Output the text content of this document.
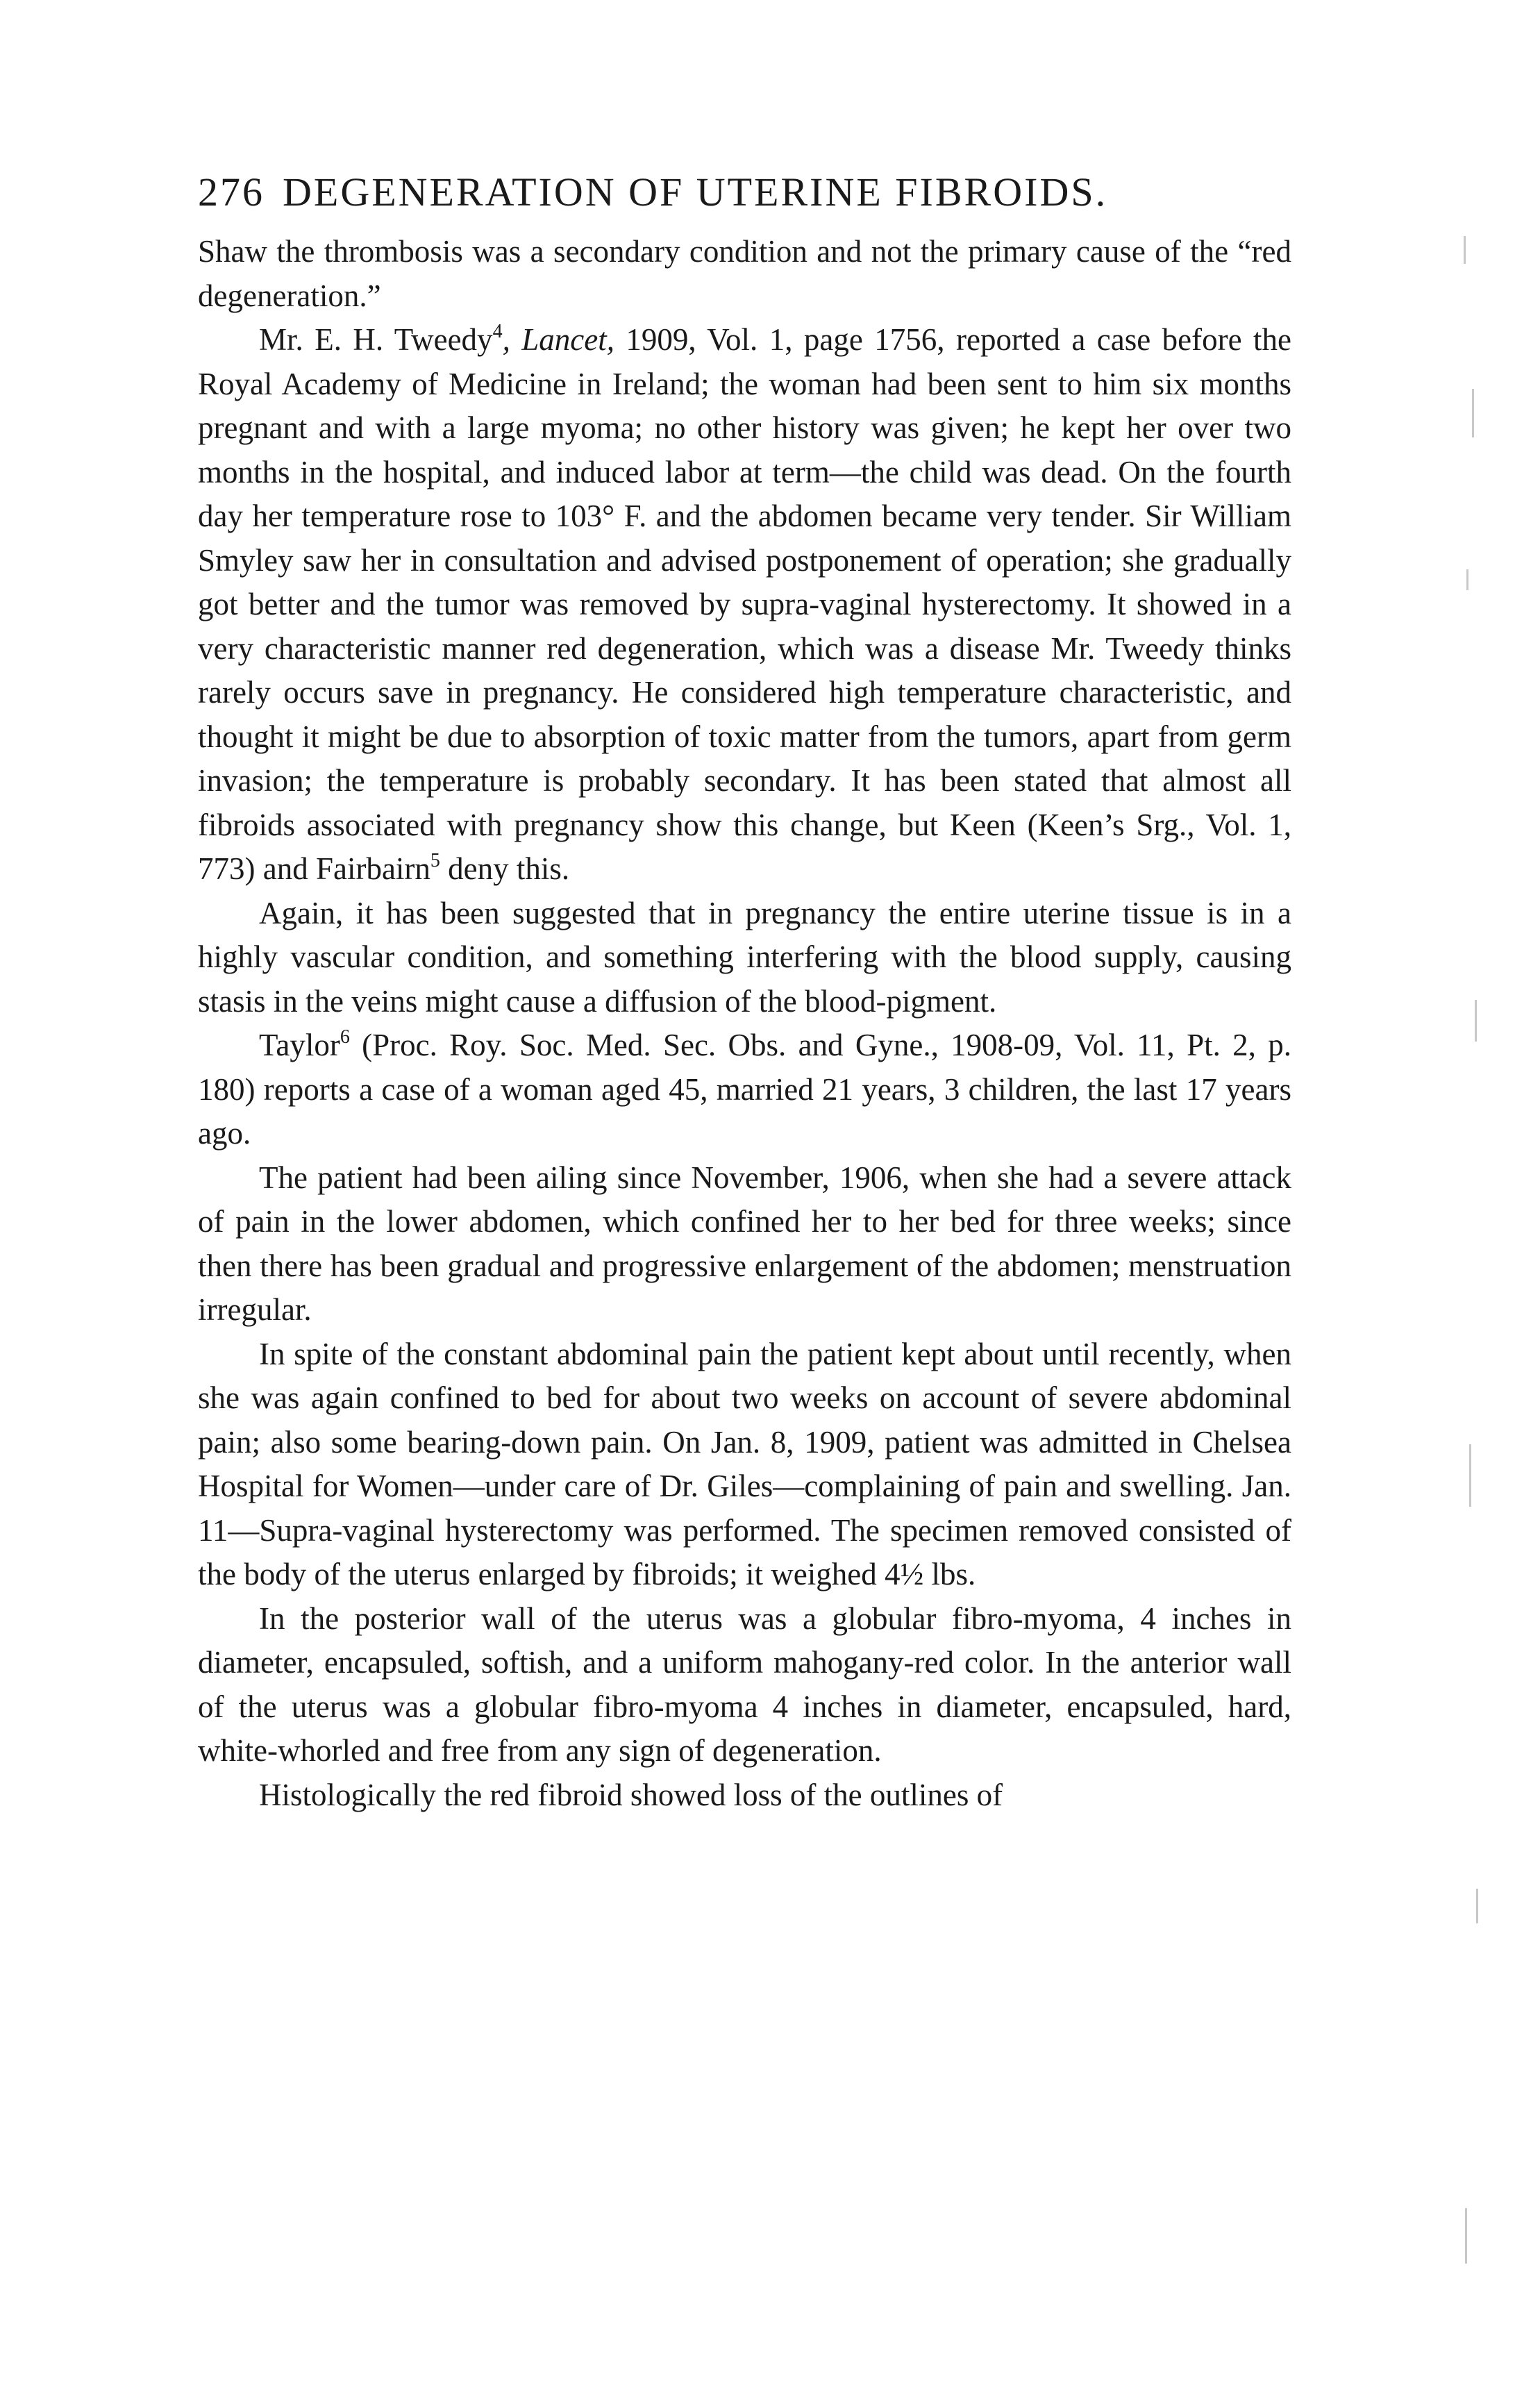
276 DEGENERATION OF UTERINE FIBROIDS.

Shaw the thrombosis was a secondary condition and not the primary cause of the “red degeneration.”

Mr. E. H. Tweedy$^4$, Lancet, 1909, Vol. 1, page 1756, reported a case before the Royal Academy of Medicine in Ireland; the woman had been sent to him six months pregnant and with a large myoma; no other history was given; he kept her over two months in the hospital, and induced labor at term—the child was dead. On the fourth day her temperature rose to 103° F. and the abdomen became very tender. Sir William Smyley saw her in consultation and advised postponement of operation; she gradually got better and the tumor was removed by supra-vaginal hysterectomy. It showed in a very characteristic manner red degeneration, which was a disease Mr. Tweedy thinks rarely occurs save in pregnancy. He considered high temperature characteristic, and thought it might be due to absorption of toxic matter from the tumors, apart from germ invasion; the temperature is probably secondary. It has been stated that almost all fibroids associated with pregnancy show this change, but Keen (Keen’s Srg., Vol. 1, 773) and Fairbairn$^5$ deny this.

Again, it has been suggested that in pregnancy the entire uterine tissue is in a highly vascular condition, and something interfering with the blood supply, causing stasis in the veins might cause a diffusion of the blood-pigment.

Taylor$^6$ (Proc. Roy. Soc. Med. Sec. Obs. and Gyne., 1908-09, Vol. 11, Pt. 2, p. 180) reports a case of a woman aged 45, married 21 years, 3 children, the last 17 years ago.

The patient had been ailing since November, 1906, when she had a severe attack of pain in the lower abdomen, which confined her to her bed for three weeks; since then there has been gradual and progressive enlargement of the abdomen; menstruation irregular.

In spite of the constant abdominal pain the patient kept about until recently, when she was again confined to bed for about two weeks on account of severe abdominal pain; also some bearing-down pain. On Jan. 8, 1909, patient was admitted in Chelsea Hospital for Women—under care of Dr. Giles—complaining of pain and swelling. Jan. 11—Supra-vaginal hysterectomy was performed. The specimen removed consisted of the body of the uterus enlarged by fibroids; it weighed 4½ lbs.

In the posterior wall of the uterus was a globular fibro-myoma, 4 inches in diameter, encapsuled, softish, and a uniform mahogany-red color. In the anterior wall of the uterus was a globular fibro-myoma 4 inches in diameter, encapsuled, hard, white-whorled and free from any sign of degeneration.

Histologically the red fibroid showed loss of the outlines of
